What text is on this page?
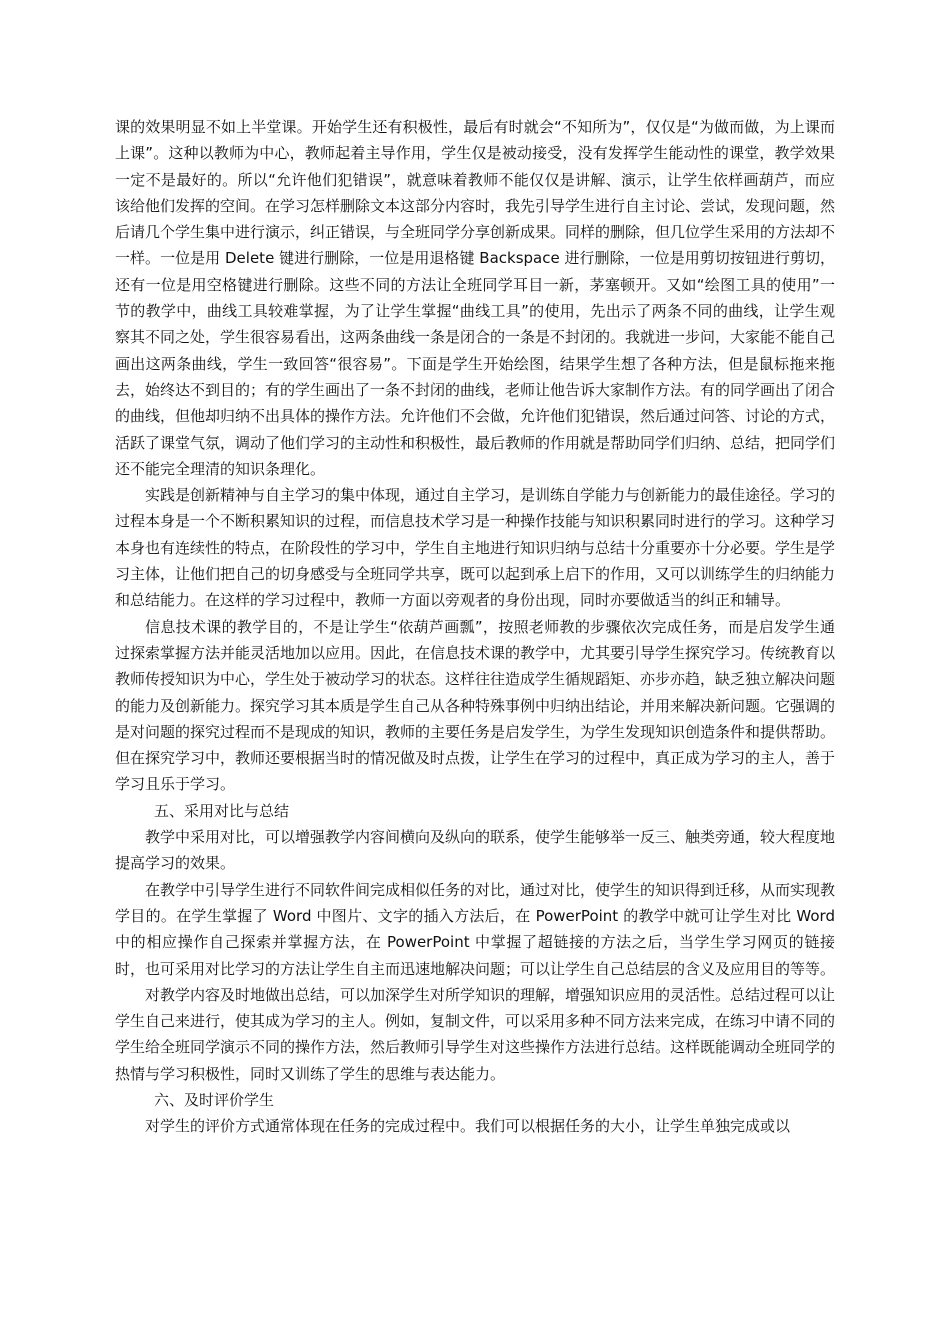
课的效果明显不如上半堂课。开始学生还有积极性，最后有时就会“不知所为”，仅仅是“为做而做，为上课而上课”。这种以教师为中心，教师起着主导作用，学生仅是被动接受，没有发挥学生能动性的课堂，教学效果一定不是最好的。所以“允许他们犯错误”，就意味着教师不能仅仅是讲解、演示，让学生依样画葫芦，而应该给他们发挥的空间。在学习怎样删除文本这部分内容时，我先引导学生进行自主讨论、尝试，发现问题，然后请几个学生集中进行演示，纠正错误，与全班同学分享创新成果。同样的删除，但几位学生采用的方法却不一样。一位是用 Delete 键进行删除，一位是用退格键 Backspace 进行删除，一位是用剪切按钮进行剪切，还有一位是用空格键进行删除。这些不同的方法让全班同学耳目一新，茅塞顿开。又如“绘图工具的使用”一节的教学中，曲线工具较难掌握，为了让学生掌握“曲线工具”的使用，先出示了两条不同的曲线，让学生观察其不同之处，学生很容易看出，这两条曲线一条是闭合的一条是不封闭的。我就进一步问，大家能不能自己画出这两条曲线，学生一致回答“很容易”。下面是学生开始绘图，结果学生想了各种方法，但是鼠标拖来拖去，始终达不到目的；有的学生画出了一条不封闭的曲线，老师让他告诉大家制作方法。有的同学画出了闭合的曲线，但他却归纳不出具体的操作方法。允许他们不会做，允许他们犯错误，然后通过问答、讨论的方式，活跃了课堂气氛，调动了他们学习的主动性和积极性，最后教师的作用就是帮助同学们归纳、总结，把同学们还不能完全理清的知识条理化。

实践是创新精神与自主学习的集中体现，通过自主学习，是训练自学能力与创新能力的最佳途径。学习的过程本身是一个不断积累知识的过程，而信息技术学习是一种操作技能与知识积累同时进行的学习。这种学习本身也有连续性的特点，在阶段性的学习中，学生自主地进行知识归纳与总结十分重要亦十分必要。学生是学习主体，让他们把自己的切身感受与全班同学共享，既可以起到承上启下的作用，又可以训练学生的归纳能力和总结能力。在这样的学习过程中，教师一方面以旁观者的身份出现，同时亦要做适当的纠正和辅导。

信息技术课的教学目的，不是让学生“依葫芦画瓢”，按照老师教的步骤依次完成任务，而是启发学生通过探索掌握方法并能灵活地加以应用。因此，在信息技术课的教学中，尤其要引导学生探究学习。传统教育以教师传授知识为中心，学生处于被动学习的状态。这样往往造成学生循规蹈矩、亦步亦趋，缺乏独立解决问题的能力及创新能力。探究学习其本质是学生自己从各种特殊事例中归纳出结论，并用来解决新问题。它强调的是对问题的探究过程而不是现成的知识，教师的主要任务是启发学生，为学生发现知识创造条件和提供帮助。但在探究学习中，教师还要根据当时的情况做及时点拨，让学生在学习的过程中，真正成为学习的主人，善于学习且乐于学习。

五、采用对比与总结

教学中采用对比，可以增强教学内容间横向及纵向的联系，使学生能够举一反三、触类旁通，较大程度地提高学习的效果。

在教学中引导学生进行不同软件间完成相似任务的对比，通过对比，使学生的知识得到迁移，从而实现教学目的。在学生掌握了 Word 中图片、文字的插入方法后，在 PowerPoint 的教学中就可让学生对比 Word 中的相应操作自己探索并掌握方法，在 PowerPoint 中掌握了超链接的方法之后，当学生学习网页的链接时，也可采用对比学习的方法让学生自主而迅速地解决问题；可以让学生自己总结层的含义及应用目的等等。

对教学内容及时地做出总结，可以加深学生对所学知识的理解，增强知识应用的灵活性。总结过程可以让学生自己来进行，使其成为学习的主人。例如，复制文件，可以采用多种不同方法来完成，在练习中请不同的学生给全班同学演示不同的操作方法，然后教师引导学生对这些操作方法进行总结。这样既能调动全班同学的热情与学习积极性，同时又训练了学生的思维与表达能力。

六、及时评价学生

对学生的评价方式通常体现在任务的完成过程中。我们可以根据任务的大小，让学生单独完成或以
